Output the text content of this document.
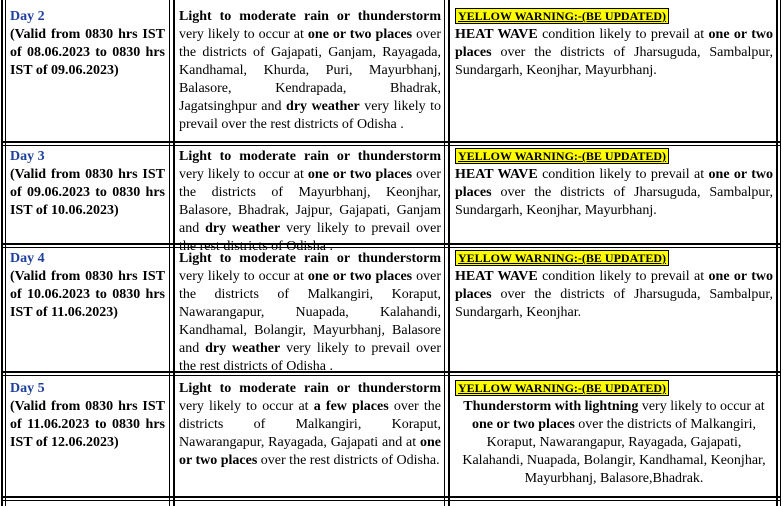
Day 2
(Valid from 0830 hrs IST of 08.06.2023 to 0830 hrs IST of 09.06.2023)

Light to moderate rain or thunderstorm very likely to occur at one or two places over the districts of Gajapati, Ganjam, Rayagada, Kandhamal, Khurda, Puri, Mayurbhanj, Balasore, Kendrapada, Bhadrak, Jagatsinghpur and dry weather very likely to prevail over the rest districts of Odisha .

YELLOW WARNING:-(BE UPDATED)

HEAT WAVE condition likely to prevail at one or two places over the districts of Jharsuguda, Sambalpur, Sundargarh, Keonjhar, Mayurbhanj.

Day 3
(Valid from 0830 hrs IST of 09.06.2023 to 0830 hrs IST of 10.06.2023)

Light to moderate rain or thunderstorm very likely to occur at one or two places over the districts of Mayurbhanj, Keonjhar, Balasore, Bhadrak, Jajpur, Gajapati, Ganjam and dry weather very likely to prevail over the rest districts of Odisha .

YELLOW WARNING:-(BE UPDATED)

HEAT WAVE condition likely to prevail at one or two places over the districts of Jharsuguda, Sambalpur, Sundargarh, Keonjhar, Mayurbhanj.

Day 4
(Valid from 0830 hrs IST of 10.06.2023 to 0830 hrs IST of 11.06.2023)

Light to moderate rain or thunderstorm very likely to occur at one or two places over the districts of Malkangiri, Koraput, Nawarangapur, Nuapada, Kalahandi, Kandhamal, Bolangir, Mayurbhanj, Balasore and dry weather very likely to prevail over the rest districts of Odisha .

YELLOW WARNING:-(BE UPDATED)

HEAT WAVE condition likely to prevail at one or two places over the districts of Jharsuguda, Sambalpur, Sundargarh, Keonjhar.

Day 5
(Valid from 0830 hrs IST of 11.06.2023 to 0830 hrs IST of 12.06.2023)

Light to moderate rain or thunderstorm very likely to occur at a few places over the districts of Malkangiri, Koraput, Nawarangapur, Rayagada, Gajapati and at one or two places over the rest districts of Odisha.

YELLOW WARNING:-(BE UPDATED)

Thunderstorm with lightning very likely to occur at one or two places over the districts of Malkangiri, Koraput, Nawarangapur, Rayagada, Gajapati, Kalahandi, Nuapada, Bolangir, Kandhamal, Keonjhar, Mayurbhanj, Balasore,Bhadrak.
